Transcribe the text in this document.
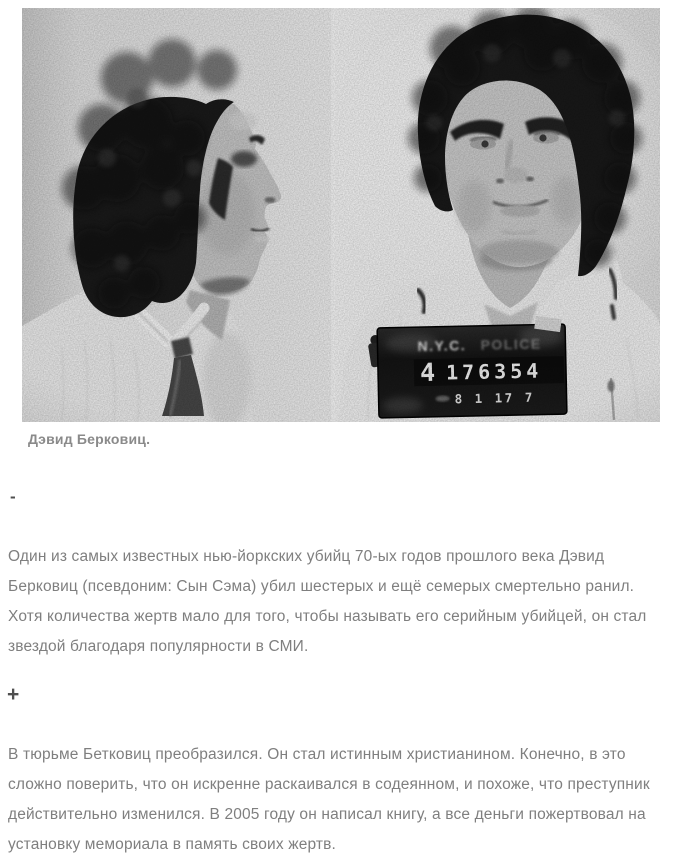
Дэвид Берковиц.
-

Один из самых известных нью-йоркских убийц 70-ых годов прошлого века Дэвид Берковиц (псевдоним: Сын Сэма) убил шестерых и ещё семерых смертельно ранил. Хотя количества жертв мало для того, чтобы называть его серийным убийцей, он стал звездой благодаря популярности в СМИ.

+

В тюрьме Бетковиц преобразился. Он стал истинным христианином. Конечно, в это сложно поверить, что он искренне раскаивался в содеянном, и похоже, что преступник действительно изменился. В 2005 году он написал книгу, а все деньги пожертвовал на установку мемориала в память своих жертв.
